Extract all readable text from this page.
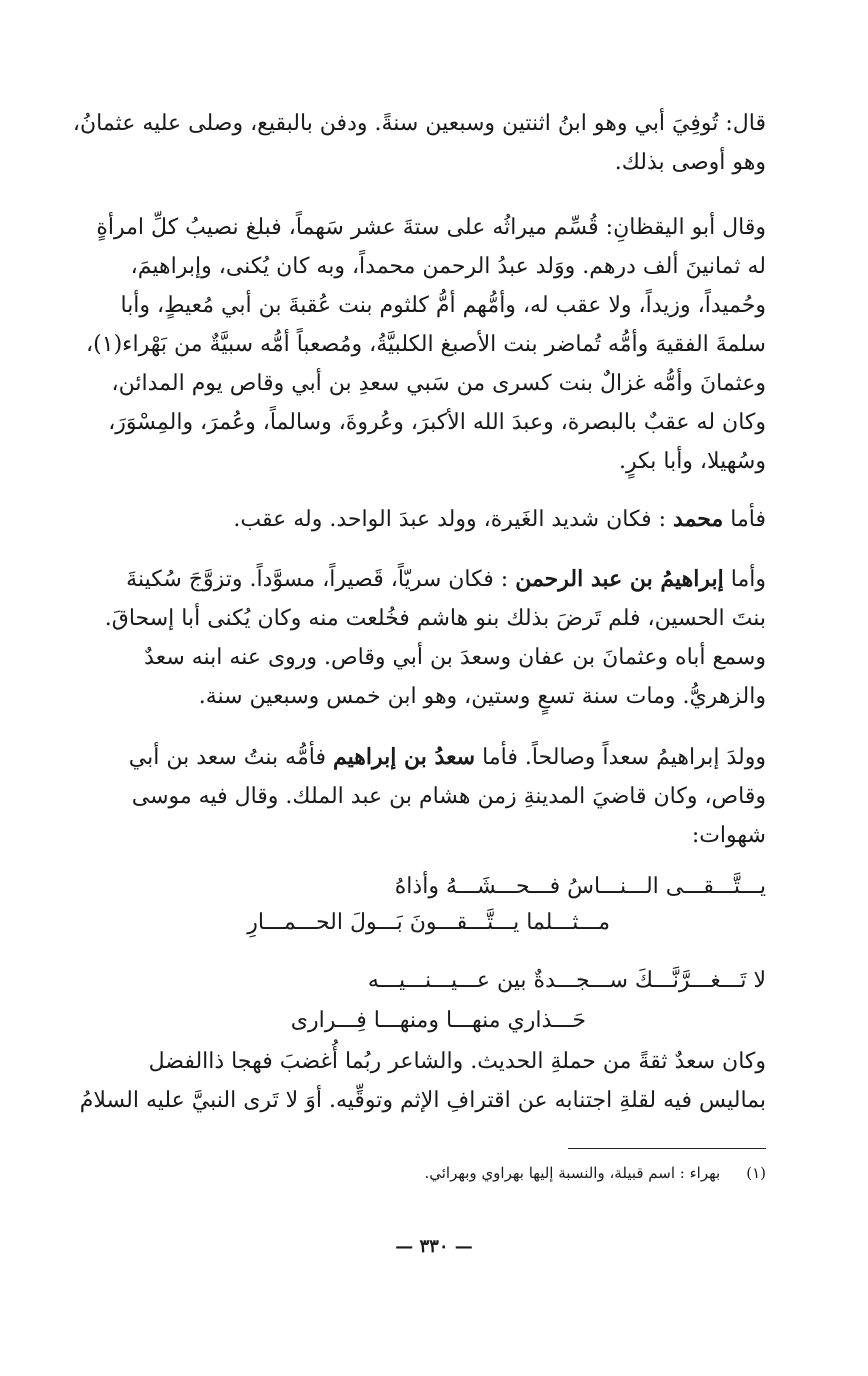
قال: تُوفِيَ أبي وهو ابنُ اثنتين وسبعين سنةً. ودفن بالبقيع، وصلى عليه عثمانُ،
وهو أوصى بذلك.
وقال أبو اليقظانِ: قُسِّم ميراثُه على ستةَ عشر سَهماً، فبلغ نصيبُ كلِّ امرأةٍ
له ثمانينَ ألف درهم. ووَلد عبدُ الرحمن محمداً، وبه كان يُكنى، وإبراهيمَ،
وحُميداً، وزيداً، ولا عقب له، وأمُّهم أمُّ كلثوم بنت عُقبةَ بن أبي مُعيطٍ، وأبا
سلمةَ الفقيهَ وأمُّه تُماضر بنت الأصبغ الكلبيَّةُ، ومُصعباً أمُّه سبيَّةٌ من بَهْراء(١)،
وعثمانَ وأمُّه غزالٌ بنت كسرى من سَبي سعدِ بن أبي وقاص يوم المدائن،
وكان له عقبٌ بالبصرة، وعبدَ الله الأكبرَ، وعُروةَ، وسالماً، وعُمرَ، والمِسْوَرَ،
وسُهيلا، وأبا بكرٍ.
فأما محمد : فكان شديد الغَيرة، وولد عبدَ الواحد. وله عقب.
وأما إبراهيمُ بن عبد الرحمن : فكان سريّاً، قَصيراً، مسوَّداً. وتزوَّجَ سُكينةَ
بنتَ الحسين، فلم تَرضَ بذلك بنو هاشم فخُلعت منه وكان يُكنى أبا إسحاقَ.
وسمع أباه وعثمانَ بن عفان وسعدَ بن أبي وقاص. وروى عنه ابنه سعدٌ
والزهريُّ. ومات سنة تسعٍ وستين، وهو ابن خمس وسبعين سنة.
وولدَ إبراهيمُ سعداً وصالحاً. فأما سعدُ بن إبراهيم فأمُّه بنتُ سعد بن أبي
وقاص، وكان قاضيَ المدينةِ زمن هشام بن عبد الملك. وقال فيه موسى
شهوات:
يـــتَّـــقـــى الـــنـــاسُ فـــحـــشَـــهُ وأذاهُ
مـــثـــلما يـــتَّـــقـــونَ بَـــولَ الحـــمـــارِ
لا تَـــغـــرَّنَّـــكَ ســـجـــدةٌ بين عـــيـــنـــيـــه
حَـــذاري منهـــا ومنهـــا فِـــرارى
وكان سعدٌ ثقةً من حملةِ الحديث. والشاعر ربُما أُغضبَ فهجا ذاالفضل
بماليس فيه لقلةِ اجتنابه عن اقترافِ الإثم وتوقِّيه. أوَ لا تَرى النبيَّ عليه السلامُ
(١)بهراء : اسم قبيلة، والنسبة إليها بهراوي وبهرائي.
— ٣٣٠ —
